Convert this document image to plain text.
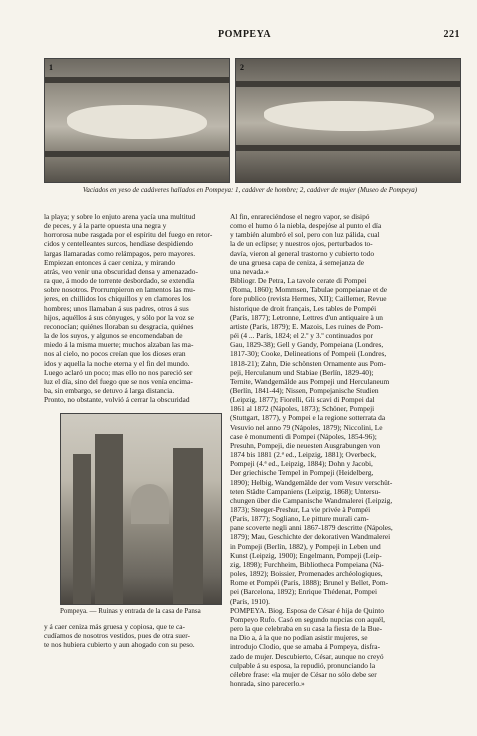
POMPEYA	221
1	2
Vaciados en yeso de cadáveres hallados en Pompeya: 1, cadáver de hombre; 2, cadáver de mujer (Museo de Pompeya)
la playa; y sobre lo enjuto arena yacía una multitud
de peces, y á la parte opuesta una negra y
horrorosa nube rasgada por el espíritu del fuego en retor-
cidos y centelleantes surcos, hendíase despidiendo
largas llamaradas como relámpagos, pero mayores.
Empiezan entonces á caer ceniza, y mirando
atrás, veo venir una obscuridad densa y amenazado-
ra que, á modo de torrente desbordado, se extendía
sobre nosotros. Prorrumpieron en lamentos las mu-
jeres, en chillidos los chiquillos y en clamores los
hombres; unos llamaban á sus padres, otros á sus
hijos, aquéllos á sus cónyuges, y sólo por la voz se
reconocían; quiénes lloraban su desgracia, quiénes
la de los suyos, y algunos se encomendaban de
miedo á la misma muerte; muchos alzaban las ma-
nos al cielo, no pocos creían que los dioses eran
idos y aquella la noche eterna y el fin del mundo.
Luego aclaró un poco; mas ello no nos pareció ser
luz el día, sino del fuego que se nos venía encima-
ba, sin embargo, se detuvo á larga distancia.
Pronto, no obstante, volvió á cerrar la obscuridad
Pompeya. — Ruinas y entrada de la casa de Pansa
y á caer ceniza más gruesa y copiosa, que te ca-
cudíamos de nosotros vestidos, pues de otra suer-
te nos hubiera cubierto y aun ahogado con su peso.
Al fin, enrareciéndose el negro vapor, se disipó
como el humo ó la niebla, despejóse al punto el día
y también alumbró el sol, pero con luz pálida, cual
la de un eclipse; y nuestros ojos, perturbados to-
davía, vieron al general trastorno y cubierto todo
de una gruesa capa de ceniza, á semejanza de
una nevada.»
Bibliogr. De Petra, La tavole cerate di Pompei
(Roma, 1860); Mommsen, Tabulae pompeianae et de
fore publico (revista Hermes, XII); Caillemer, Revue
historique de droit français, Les tables de Pompéi
(París, 1877); Letronne, Lettres d'un antiquaire à un
artiste (París, 1879); E. Mazois, Les ruines de Pom-
péi (4 ... París, 1824; el 2.º y 3.º continuados por
Gau, 1829-38); Gell y Gandy, Pompeiana (Londres,
1817-30); Cooke, Delineations of Pompeii (Londres,
1818-21); Zahn, Die schönsten Ornamente aus Pom-
peji, Herculanum und Stabiae (Berlín, 1829-40);
Ternite, Wandgemälde aus Pompeji und Herculaneum
(Berlín, 1841-44); Nissen, Pompejanische Studien
(Leipzig, 1877); Fiorelli, Gli scavi di Pompei dal
1861 al 1872 (Nápoles, 1873); Schöner, Pompeji
(Stuttgart, 1877), y Pompei e la regione sotterrata da
Vesuvio nel anno 79 (Nápoles, 1879); Niccolini, Le
case è monumenti di Pompei (Nápoles, 1854-96);
Presuhn, Pompeji, die neuesten Ausgrabungen von
1874 bis 1881 (2.ª ed., Leipzig, 1881); Overbeck,
Pompeji (4.ª ed., Leipzig, 1884); Dohn y Jacobi,
Der griechische Tempel in Pompeji (Heidelberg,
1890); Helbig, Wandgemälde der vom Vesuv verschüt-
teten Städte Campaniens (Leipzig, 1868); Untersu-
chungen über die Campanische Wandmalerei (Leipzig,
1873); Steeger-Preshur, La vie privée à Pompéi
(París, 1877); Sogliano, Le pitture murali cam-
pane scoverte negli anni 1867-1879 descritte (Nápoles,
1879); Mau, Geschichte der dekorativen Wandmalerei
in Pompeji (Berlín, 1882), y Pompeji in Leben und
Kunst (Leipzig, 1900); Engelmann, Pompeji (Leip-
zig, 1898); Furchheim, Bibliotheca Pompeiana (Ná-
poles, 1892); Boissier, Promenades archéologiques,
Rome et Pompéi (París, 1888); Brunel y Bellet, Pom-
pei (Barcelona, 1892); Enrique Thédenat, Pompei
(París, 1910).
POMPEYA. Biog. Esposa de César é hija de Quinto
Pompeyo Rufo. Casó en segundo nupcias con aquél,
pero la que celebraba en su casa la fiesta de la Bue-
na Dio a, á la que no podían asistir mujeres, se
introdujo Clodio, que se amaba á Pompeya, disfra-
zado de mujer. Descubierto, César, aunque no creyó
culpable á su esposa, la repudió, pronunciando la
célebre frase: «la mujer de César no sólo debe ser
honrada, sino parecerlo.»
